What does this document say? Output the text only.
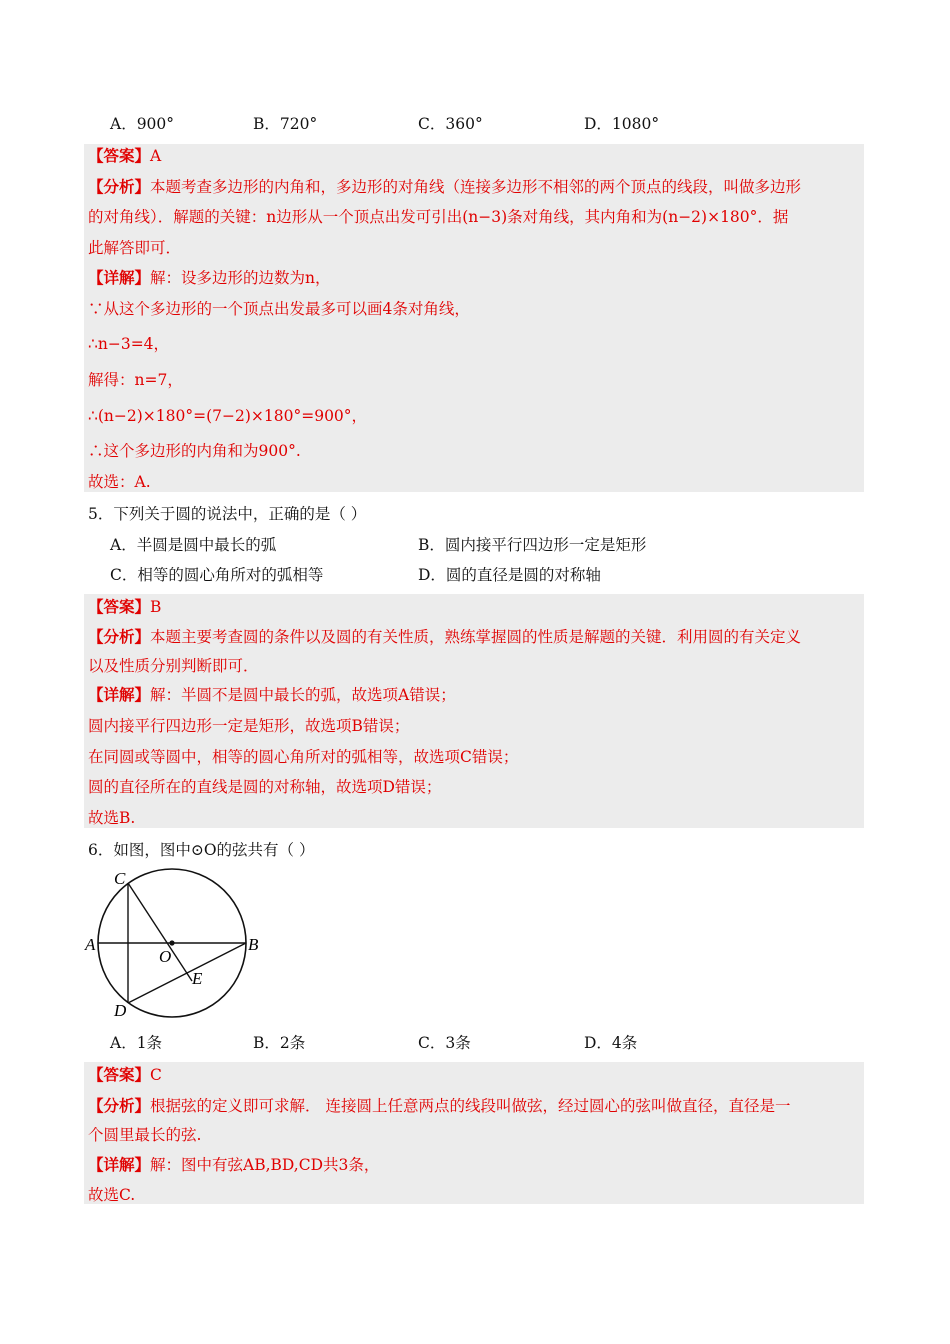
A．900°	B．720°	C．360°	D．1080°
【答案】A
【分析】本题考查多边形的内角和，多边形的对角线（连接多边形不相邻的两个顶点的线段，叫做多边形
的对角线）．解题的关键：n边形从一个顶点出发可引出(n−3)条对角线，其内角和为(n−2)×180°．据
此解答即可．
【详解】解：设多边形的边数为n，
∵从这个多边形的一个顶点出发最多可以画4条对角线，
∴n−3=4，
解得：n=7，
∴(n−2)×180°=(7−2)×180°=900°，
∴这个多边形的内角和为900°.
故选：A.
5．下列关于圆的说法中，正确的是（ ）
A．半圆是圆中最长的弧	B．圆内接平行四边形一定是矩形
C．相等的圆心角所对的弧相等	D．圆的直径是圆的对称轴
【答案】B
【分析】本题主要考查圆的条件以及圆的有关性质，熟练掌握圆的性质是解题的关键．利用圆的有关定义
以及性质分别判断即可．
【详解】解：半圆不是圆中最长的弧，故选项A错误；
圆内接平行四边形一定是矩形，故选项B错误；
在同圆或等圆中，相等的圆心角所对的弧相等，故选项C错误；
圆的直径所在的直线是圆的对称轴，故选项D错误；
故选B.
6．如图，图中⊙O的弦共有（ ）
C
A	B
O
E
D
A．1条	B．2条	C．3条	D．4条
【答案】C
【分析】根据弦的定义即可求解． 连接圆上任意两点的线段叫做弦，经过圆心的弦叫做直径，直径是一
个圆里最长的弦.
【详解】解：图中有弦AB,BD,CD共3条，
故选C.
